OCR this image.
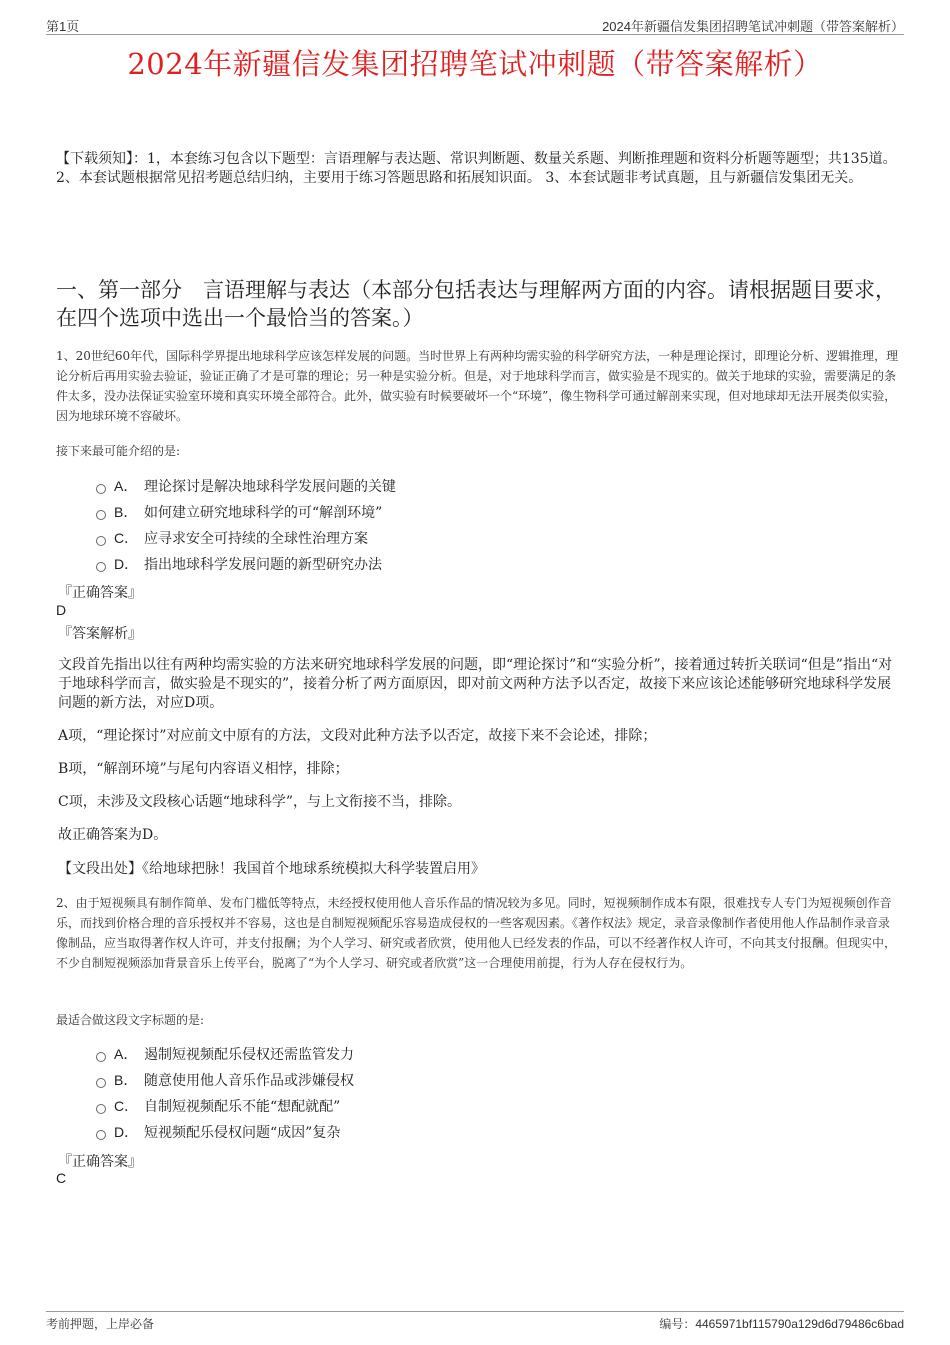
第1页	2024年新疆信发集团招聘笔试冲刺题（带答案解析）
2024年新疆信发集团招聘笔试冲刺题（带答案解析）
【下载须知】：1，本套练习包含以下题型：言语理解与表达题、常识判断题、数量关系题、判断推理题和资料分析题等题型；共135道。 2、本套试题根据常见招考题总结归纳，主要用于练习答题思路和拓展知识面。 3、本套试题非考试真题，且与新疆信发集团无关。
一、第一部分　言语理解与表达（本部分包括表达与理解两方面的内容。请根据题目要求，在四个选项中选出一个最恰当的答案。）
1、20世纪60年代，国际科学界提出地球科学应该怎样发展的问题。当时世界上有两种均需实验的科学研究方法，一种是理论探讨，即理论分析、逻辑推理，理论分析后再用实验去验证，验证正确了才是可靠的理论；另一种是实验分析。但是，对于地球科学而言，做实验是不现实的。做关于地球的实验，需要满足的条件太多，没办法保证实验室环境和真实环境全部符合。此外，做实验有时候要破坏一个“环境”，像生物科学可通过解剖来实现，但对地球却无法开展类似实验，因为地球环境不容破坏。
接下来最可能介绍的是:
A． 理论探讨是解决地球科学发展问题的关键
B． 如何建立研究地球科学的可“解剖环境”
C． 应寻求安全可持续的全球性治理方案
D． 指出地球科学发展问题的新型研究办法
『正确答案』
D
『答案解析』
文段首先指出以往有两种均需实验的方法来研究地球科学发展的问题，即“理论探讨”和“实验分析”，接着通过转折关联词“但是”指出“对于地球科学而言，做实验是不现实的”，接着分析了两方面原因，即对前文两种方法予以否定，故接下来应该论述能够研究地球科学发展问题的新方法，对应D项。
A项，“理论探讨”对应前文中原有的方法，文段对此种方法予以否定，故接下来不会论述，排除；
B项，“解剖环境”与尾句内容语义相悖，排除；
C项，未涉及文段核心话题“地球科学”，与上文衔接不当，排除。
故正确答案为D。
【文段出处】《给地球把脉！我国首个地球系统模拟大科学装置启用》
2、由于短视频具有制作简单、发布门槛低等特点，未经授权使用他人音乐作品的情况较为多见。同时，短视频制作成本有限，很难找专人专门为短视频创作音乐，而找到价格合理的音乐授权并不容易，这也是自制短视频配乐容易造成侵权的一些客观因素。《著作权法》规定，录音录像制作者使用他人作品制作录音录像制品，应当取得著作权人许可，并支付报酬；为个人学习、研究或者欣赏，使用他人已经发表的作品，可以不经著作权人许可，不向其支付报酬。但现实中，不少自制短视频添加背景音乐上传平台，脱离了“为个人学习、研究或者欣赏”这一合理使用前提，行为人存在侵权行为。
最适合做这段文字标题的是:
A． 遏制短视频配乐侵权还需监管发力
B． 随意使用他人音乐作品或涉嫌侵权
C． 自制短视频配乐不能“想配就配”
D． 短视频配乐侵权问题“成因”复杂
『正确答案』
C
考前押题，上岸必备	编号：4465971bf115790a129d6d79486c6bad
